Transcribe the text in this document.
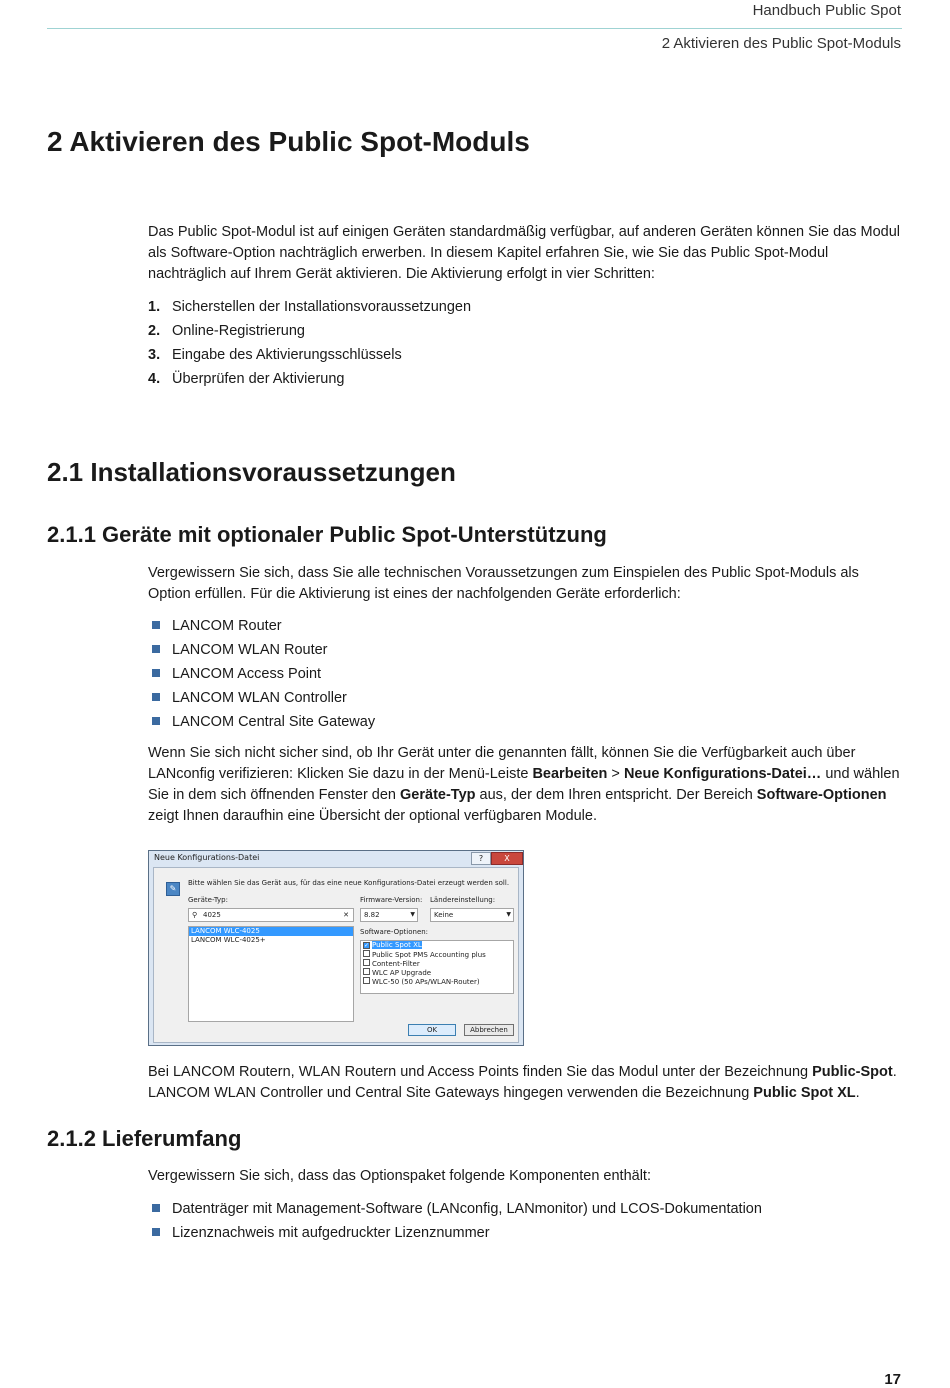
Handbuch Public Spot
2 Aktivieren des Public Spot-Moduls
2 Aktivieren des Public Spot-Moduls

Das Public Spot-Modul ist auf einigen Geräten standardmäßig verfügbar, auf anderen Geräten können Sie das Modul als Software-Option nachträglich erwerben. In diesem Kapitel erfahren Sie, wie Sie das Public Spot-Modul nachträglich auf Ihrem Gerät aktivieren. Die Aktivierung erfolgt in vier Schritten:

1. Sicherstellen der Installationsvoraussetzungen
2. Online-Registrierung
3. Eingabe des Aktivierungsschlüssels
4. Überprüfen der Aktivierung
2.1 Installationsvoraussetzungen
2.1.1 Geräte mit optionaler Public Spot-Unterstützung

Vergewissern Sie sich, dass Sie alle technischen Voraussetzungen zum Einspielen des Public Spot-Moduls als Option erfüllen. Für die Aktivierung ist eines der nachfolgenden Geräte erforderlich:

LANCOM Router
LANCOM WLAN Router
LANCOM Access Point
LANCOM WLAN Controller
LANCOM Central Site Gateway

Wenn Sie sich nicht sicher sind, ob Ihr Gerät unter die genannten fällt, können Sie die Verfügbarkeit auch über LANconfig verifizieren: Klicken Sie dazu in der Menü-Leiste Bearbeiten > Neue Konfigurations-Datei… und wählen Sie in dem sich öffnenden Fenster den Geräte-Typ aus, der dem Ihren entspricht. Der Bereich Software-Optionen zeigt Ihnen daraufhin eine Übersicht der optional verfügbaren Module.

Neue Konfigurations-Datei	?	X
✎
Bitte wählen Sie das Gerät aus, für das eine neue Konfigurations-Datei erzeugt werden soll.
Geräte-Typ:
⚲ 4025	✕
Firmware-Version:
8.82	▼
Ländereinstellung:
Keine	▼
LANCOM WLC-4025
LANCOM WLC-4025+
Software-Optionen:
✓ Public Spot XL
Public Spot PMS Accounting plus
Content-Filter
WLC AP Upgrade
WLC-50 (50 APs/WLAN-Router)
OK	Abbrechen

Bei LANCOM Routern, WLAN Routern und Access Points finden Sie das Modul unter der Bezeichnung Public-Spot. LANCOM WLAN Controller und Central Site Gateways hingegen verwenden die Bezeichnung Public Spot XL.

2.1.2 Lieferumfang

Vergewissern Sie sich, dass das Optionspaket folgende Komponenten enthält:

Datenträger mit Management-Software (LANconfig, LANmonitor) und LCOS-Dokumentation
Lizenznachweis mit aufgedruckter Lizenznummer
17
